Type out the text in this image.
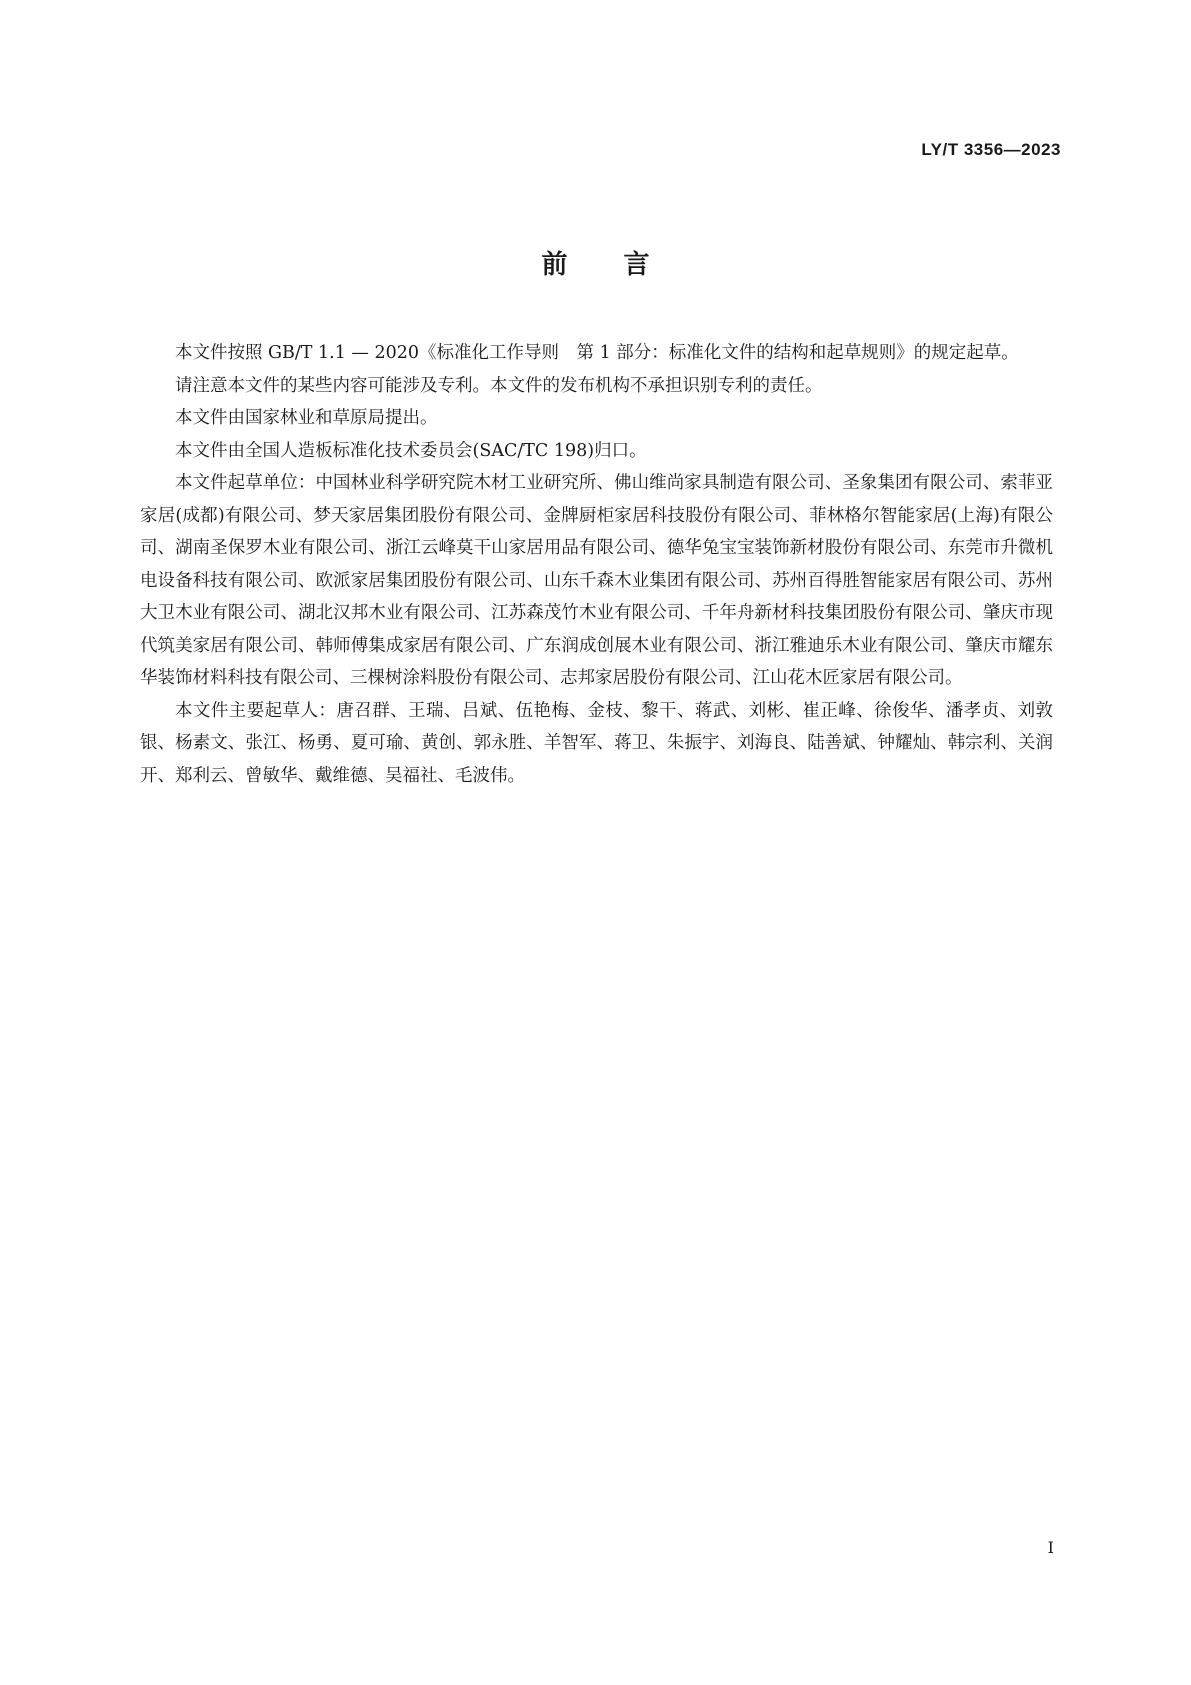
LY/T 3356—2023
前言

本文件按照 GB/T 1.1 — 2020《标准化工作导则　第 1 部分：标准化文件的结构和起草规则》的规定起草。

请注意本文件的某些内容可能涉及专利。本文件的发布机构不承担识别专利的责任。

本文件由国家林业和草原局提出。

本文件由全国人造板标准化技术委员会(SAC/TC 198)归口。

本文件起草单位：中国林业科学研究院木材工业研究所、佛山维尚家具制造有限公司、圣象集团有限公司、索菲亚家居(成都)有限公司、梦天家居集团股份有限公司、金牌厨柜家居科技股份有限公司、菲林格尔智能家居(上海)有限公司、湖南圣保罗木业有限公司、浙江云峰莫干山家居用品有限公司、德华兔宝宝装饰新材股份有限公司、东莞市升微机电设备科技有限公司、欧派家居集团股份有限公司、山东千森木业集团有限公司、苏州百得胜智能家居有限公司、苏州大卫木业有限公司、湖北汉邦木业有限公司、江苏森茂竹木业有限公司、千年舟新材科技集团股份有限公司、肇庆市现代筑美家居有限公司、韩师傅集成家居有限公司、广东润成创展木业有限公司、浙江雅迪乐木业有限公司、肇庆市耀东华装饰材料科技有限公司、三棵树涂料股份有限公司、志邦家居股份有限公司、江山花木匠家居有限公司。

本文件主要起草人：唐召群、王瑞、吕斌、伍艳梅、金枝、黎干、蒋武、刘彬、崔正峰、徐俊华、潘孝贞、刘敦银、杨素文、张江、杨勇、夏可瑜、黄创、郭永胜、羊智军、蒋卫、朱振宇、刘海良、陆善斌、钟耀灿、韩宗利、关润开、郑利云、曾敏华、戴维德、吴福社、毛波伟。

I
